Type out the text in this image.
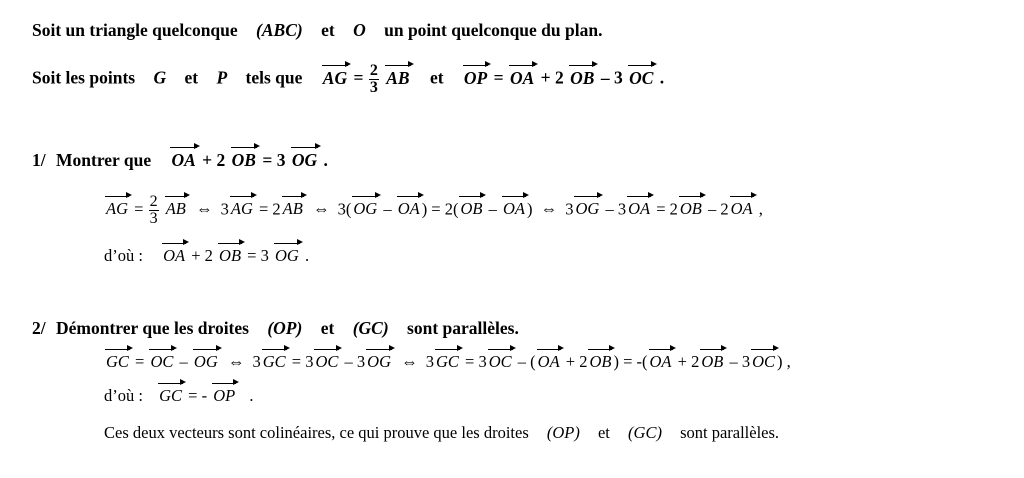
Soit un triangle quelconque (ABC) et O un point quelconque du plan.
Soit les points G et P tels que AG = $\frac{2}{3}$ AB et OP = OA + 2 OB – 3 OC .
1/ Montrer que OA + 2 OB = 3 OG .
AG = $\frac{2}{3}$ AB ⇔ 3 AG = 2 AB ⇔ 3( OG – OA ) = 2( OB – OA ) ⇔ 3 OG – 3 OA = 2 OB – 2 OA ,
d’où : OA + 2 OB = 3 OG .
2/ Démontrer que les droites (OP) et (GC) sont parallèles.
GC = OC – OG ⇔ 3 GC = 3 OC – 3 OG ⇔ 3 GC = 3 OC – ( OA + 2 OB ) = -( OA + 2 OB – 3 OC ) ,
d’où : GC = - OP .
Ces deux vecteurs sont colinéaires, ce qui prouve que les droites (OP) et (GC) sont parallèles.
